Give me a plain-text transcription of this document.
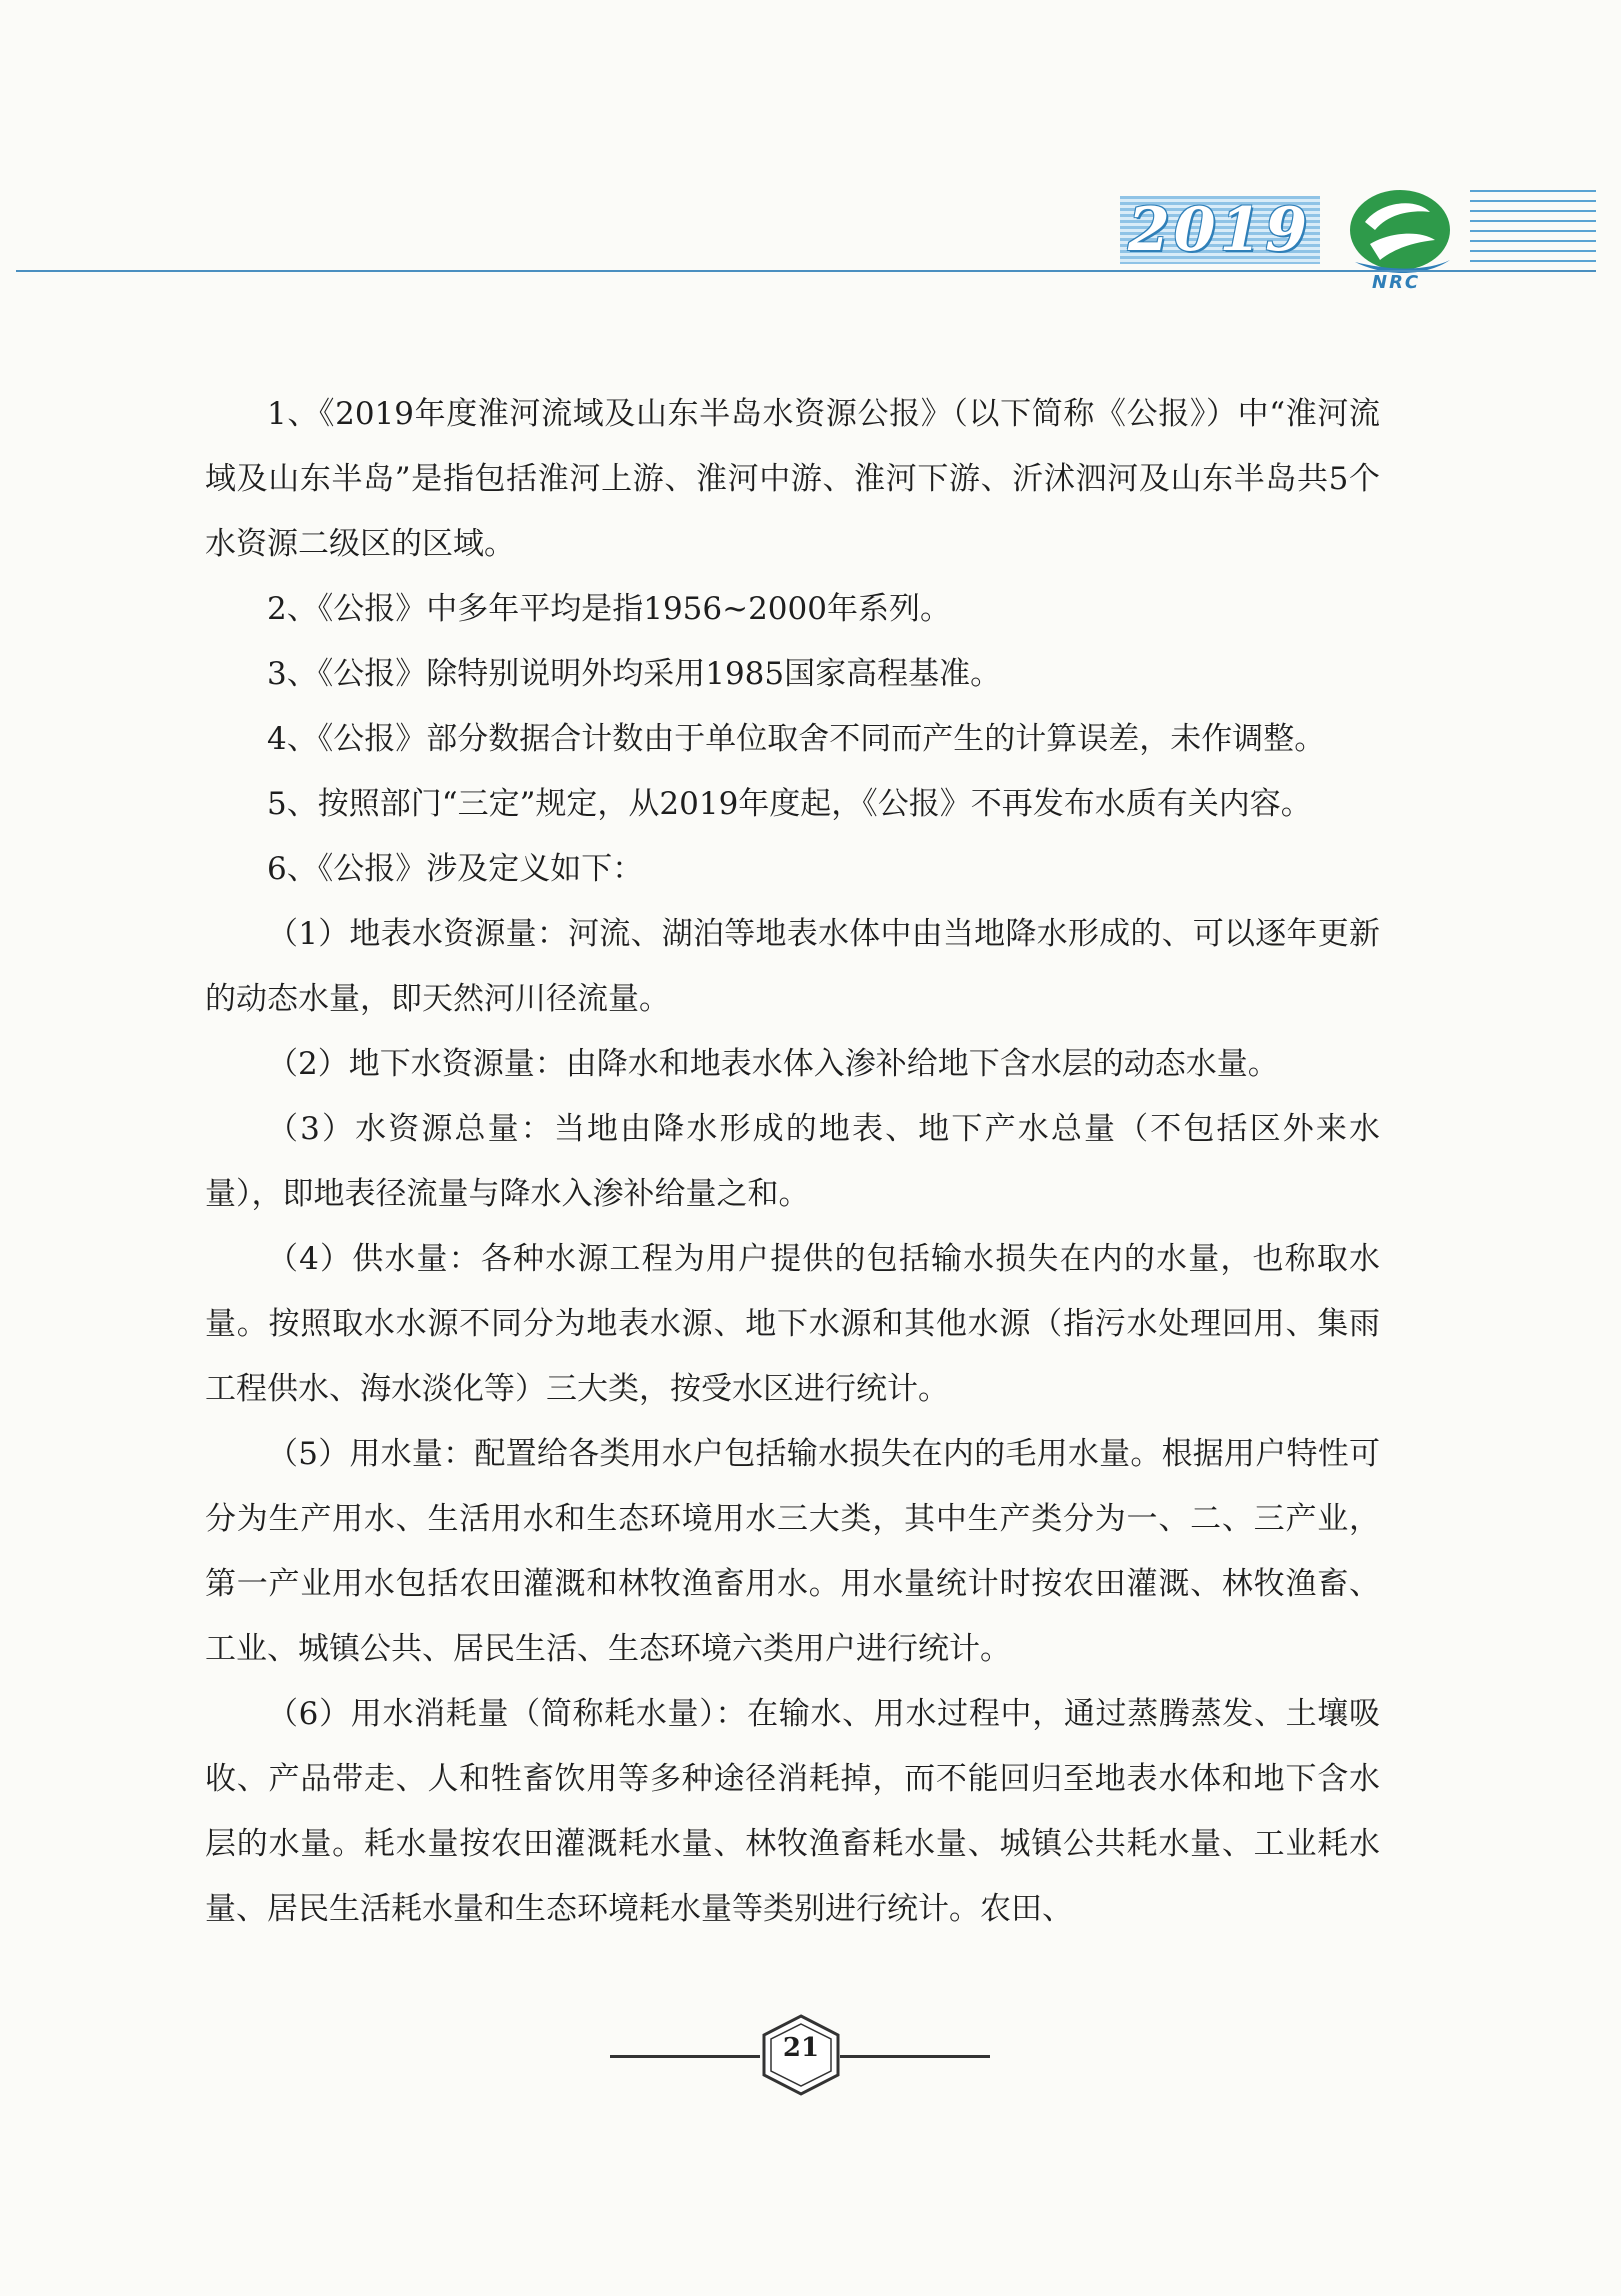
2019
NRC

1、《2019年度淮河流域及山东半岛水资源公报》（以下简称《公报》）中“淮河流域及山东半岛”是指包括淮河上游、淮河中游、淮河下游、沂沭泗河及山东半岛共5个水资源二级区的区域。

2、《公报》中多年平均是指1956~2000年系列。

3、《公报》除特别说明外均采用1985国家高程基准。

4、《公报》部分数据合计数由于单位取舍不同而产生的计算误差，未作调整。

5、按照部门“三定”规定，从2019年度起，《公报》不再发布水质有关内容。

6、《公报》涉及定义如下：

（1）地表水资源量：河流、湖泊等地表水体中由当地降水形成的、可以逐年更新的动态水量，即天然河川径流量。

（2）地下水资源量：由降水和地表水体入渗补给地下含水层的动态水量。

（3）水资源总量：当地由降水形成的地表、地下产水总量（不包括区外来水量），即地表径流量与降水入渗补给量之和。

（4）供水量：各种水源工程为用户提供的包括输水损失在内的水量，也称取水量。按照取水水源不同分为地表水源、地下水源和其他水源（指污水处理回用、集雨工程供水、海水淡化等）三大类，按受水区进行统计。

（5）用水量：配置给各类用水户包括输水损失在内的毛用水量。根据用户特性可分为生产用水、生活用水和生态环境用水三大类，其中生产类分为一、二、三产业，第一产业用水包括农田灌溉和林牧渔畜用水。用水量统计时按农田灌溉、林牧渔畜、工业、城镇公共、居民生活、生态环境六类用户进行统计。

（6）用水消耗量（简称耗水量）：在输水、用水过程中，通过蒸腾蒸发、土壤吸收、产品带走、人和牲畜饮用等多种途径消耗掉，而不能回归至地表水体和地下含水层的水量。耗水量按农田灌溉耗水量、林牧渔畜耗水量、城镇公共耗水量、工业耗水量、居民生活耗水量和生态环境耗水量等类别进行统计。农田、

21
